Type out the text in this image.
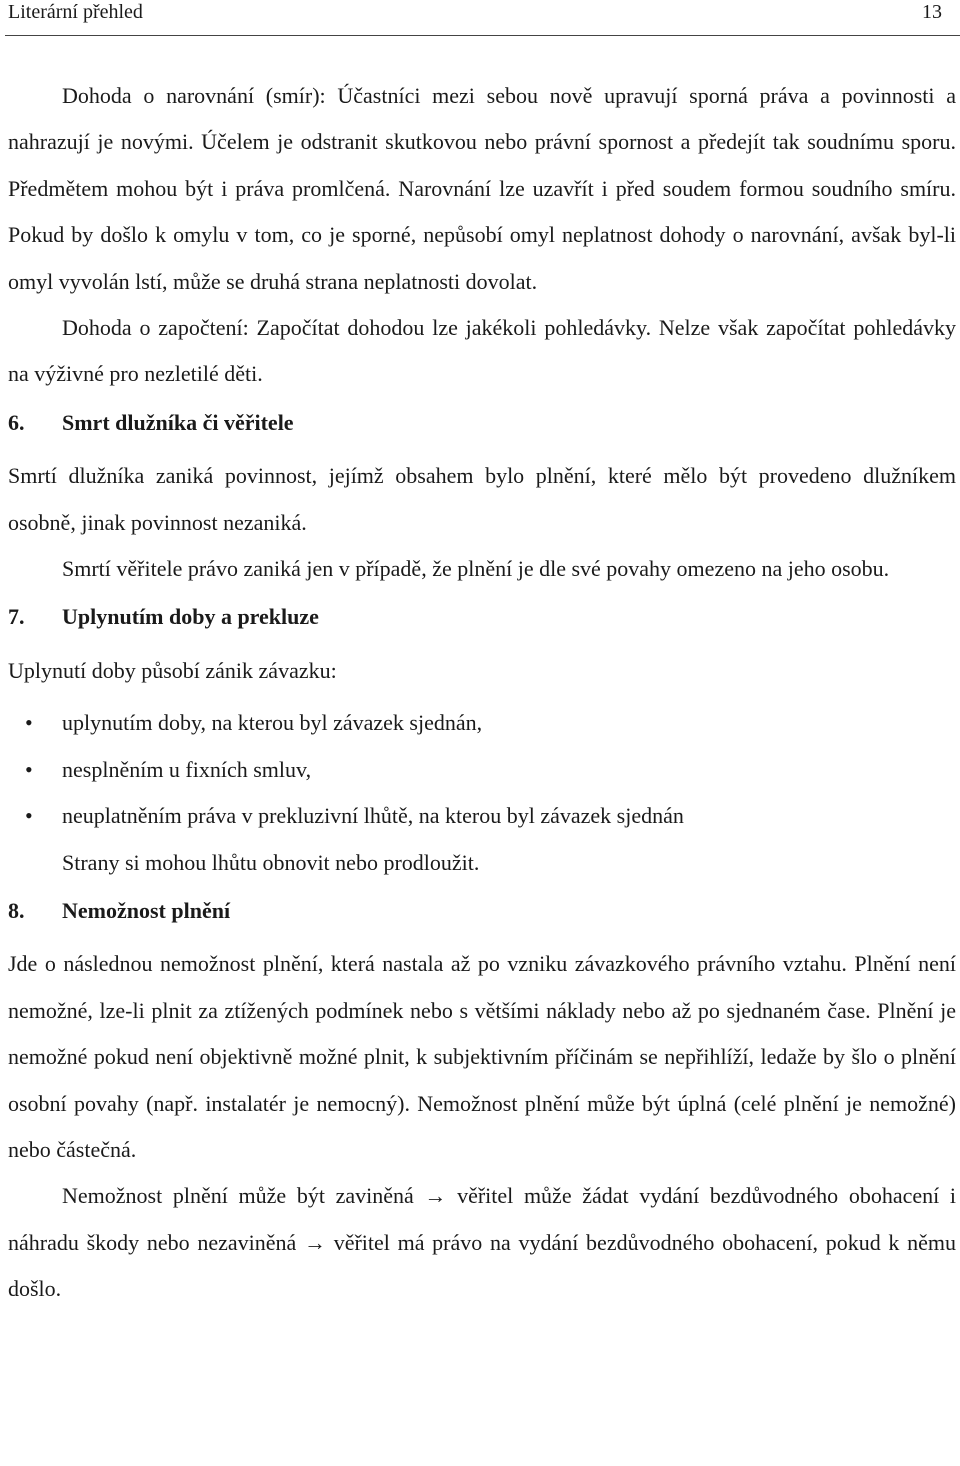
Literární přehled	13

Dohoda o narovnání (smír): Účastníci mezi sebou nově upravují sporná práva a povinnosti a nahrazují je novými. Účelem je odstranit skutkovou nebo právní spornost a předejít tak soudnímu sporu. Předmětem mohou být i práva promlčená. Narovnání lze uzavřít i před soudem formou soudního smíru. Pokud by došlo k omylu v tom, co je sporné, nepůsobí omyl neplatnost dohody o narovnání, avšak byl-li omyl vyvolán lstí, může se druhá strana neplatnosti dovolat.

Dohoda o započtení: Započítat dohodou lze jakékoli pohledávky. Nelze však započítat pohledávky na výživné pro nezletilé děti.

6. Smrt dlužníka či věřitele

Smrtí dlužníka zaniká povinnost, jejímž obsahem bylo plnění, které mělo být provedeno dlužníkem osobně, jinak povinnost nezaniká.

Smrtí věřitele právo zaniká jen v případě, že plnění je dle své povahy omezeno na jeho osobu.

7. Uplynutím doby a prekluze

Uplynutí doby působí zánik závazku:

• uplynutím doby, na kterou byl závazek sjednán,
• nesplněním u fixních smluv,
• neuplatněním práva v prekluzivní lhůtě, na kterou byl závazek sjednán

Strany si mohou lhůtu obnovit nebo prodloužit.

8. Nemožnost plnění

Jde o následnou nemožnost plnění, která nastala až po vzniku závazkového právního vztahu. Plnění není nemožné, lze-li plnit za ztížených podmínek nebo s většími náklady nebo až po sjednaném čase. Plnění je nemožné pokud není objektivně možné plnit, k subjektivním příčinám se nepřihlíží, ledaže by šlo o plnění osobní povahy (např. instalatér je nemocný). Nemožnost plnění může být úplná (celé plnění je nemožné) nebo částečná.

Nemožnost plnění může být zaviněná → věřitel může žádat vydání bezdůvodného obohacení i náhradu škody nebo nezaviněná → věřitel má právo na vydání bezdůvodného obohacení, pokud k němu došlo.
